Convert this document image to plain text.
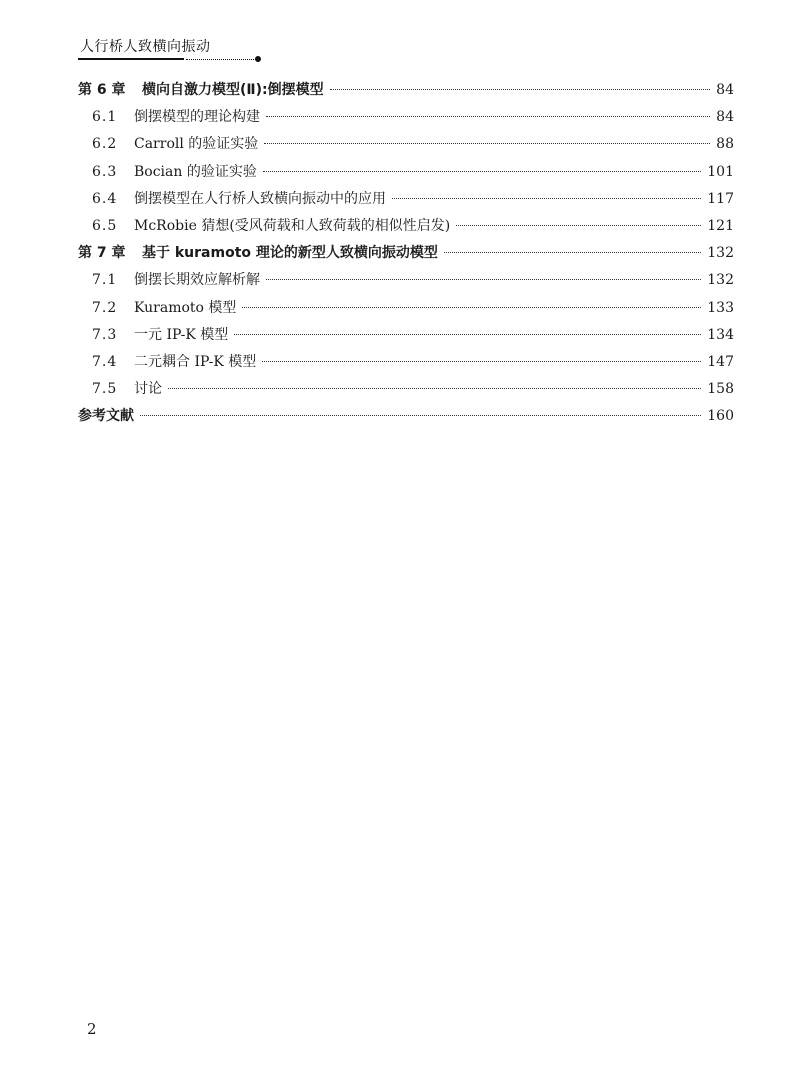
人行桥人致横向振动
第 6 章	横向自激力模型(Ⅱ):倒摆模型	84
6.1	倒摆模型的理论构建	84
6.2	Carroll 的验证实验	88
6.3	Bocian 的验证实验	101
6.4	倒摆模型在人行桥人致横向振动中的应用	117
6.5	McRobie 猜想(受风荷载和人致荷载的相似性启发)	121
第 7 章	基于 kuramoto 理论的新型人致横向振动模型	132
7.1	倒摆长期效应解析解	132
7.2	Kuramoto 模型	133
7.3	一元 IP-K 模型	134
7.4	二元耦合 IP-K 模型	147
7.5	讨论	158
参考文献	160
2
